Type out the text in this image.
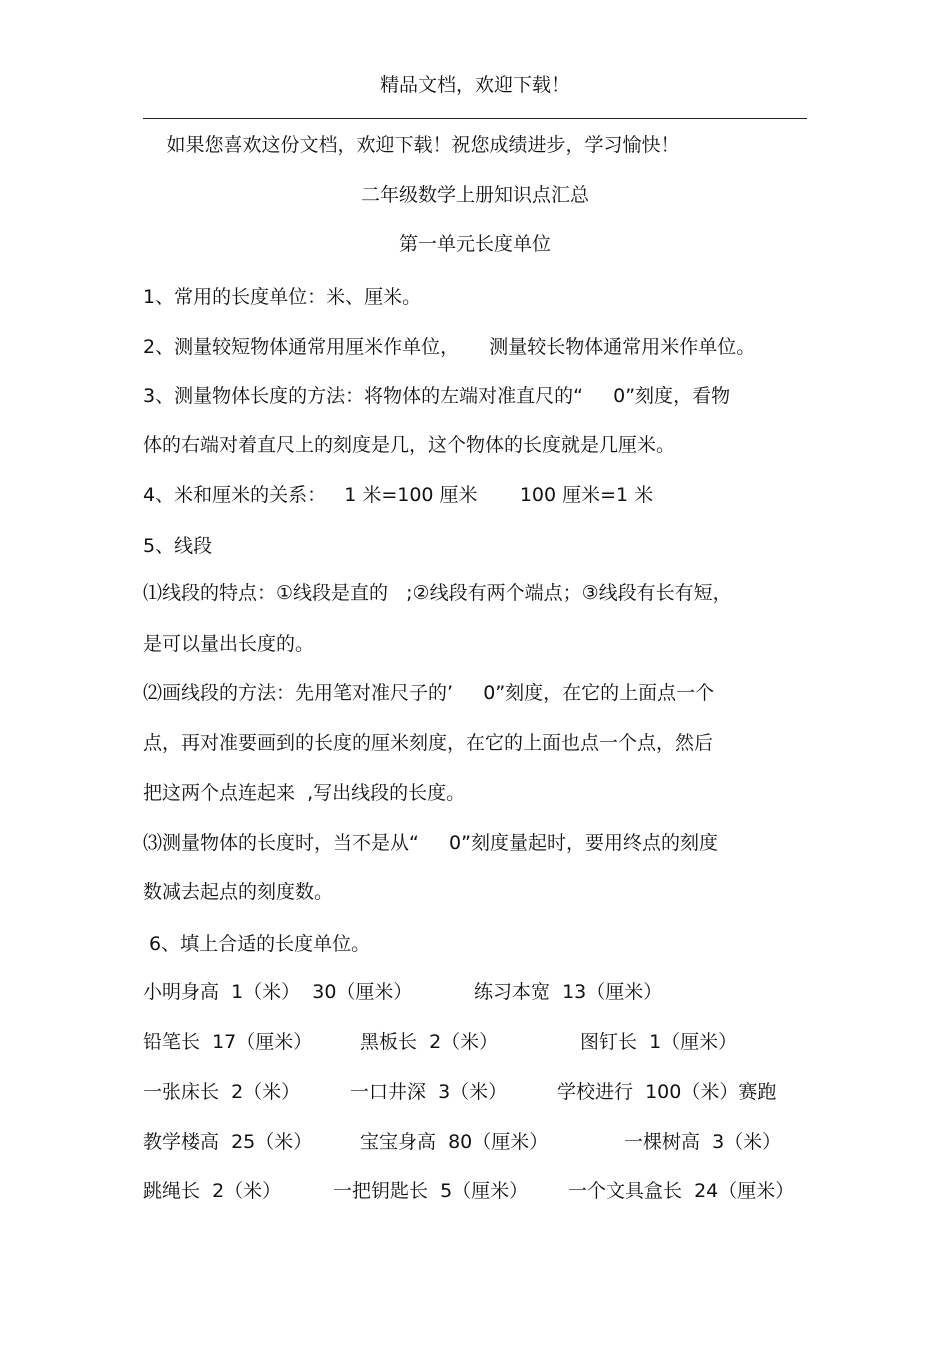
精品文档，欢迎下载！
如果您喜欢这份文档，欢迎下载！祝您成绩进步，学习愉快！
二年级数学上册知识点汇总
第一单元长度单位
1、常用的长度单位：米、厘米。
2、测量较短物体通常用厘米作单位，     测量较长物体通常用米作单位。
3、测量物体长度的方法：将物体的左端对准直尺的“     0”刻度，看物
体的右端对着直尺上的刻度是几，这个物体的长度就是几厘米。
4、米和厘米的关系：   1 米=100 厘米       100 厘米=1 米
5、线段
⑴线段的特点：①线段是直的   ;②线段有两个端点；③线段有长有短，
是可以量出长度的。
⑵画线段的方法：先用笔对准尺子的’     0”刻度，在它的上面点一个
点，再对准要画到的长度的厘米刻度，在它的上面也点一个点，然后
把这两个点连起来  ,写出线段的长度。
⑶测量物体的长度时，当不是从“     0”刻度量起时，要用终点的刻度
数减去起点的刻度数。
6、填上合适的长度单位。
小明身高  1（米）  30（厘米）	练习本宽  13（厘米）
铅笔长  17（厘米）	黑板长  2（米）	图钉长  1（厘米）
一张床长  2（米）	一口井深  3（米）	学校进行  100（米）赛跑
教学楼高  25（米）	宝宝身高  80（厘米）	一棵树高  3（米）
跳绳长  2（米）	一把钥匙长  5（厘米） 一个文具盒长  24（厘米）
